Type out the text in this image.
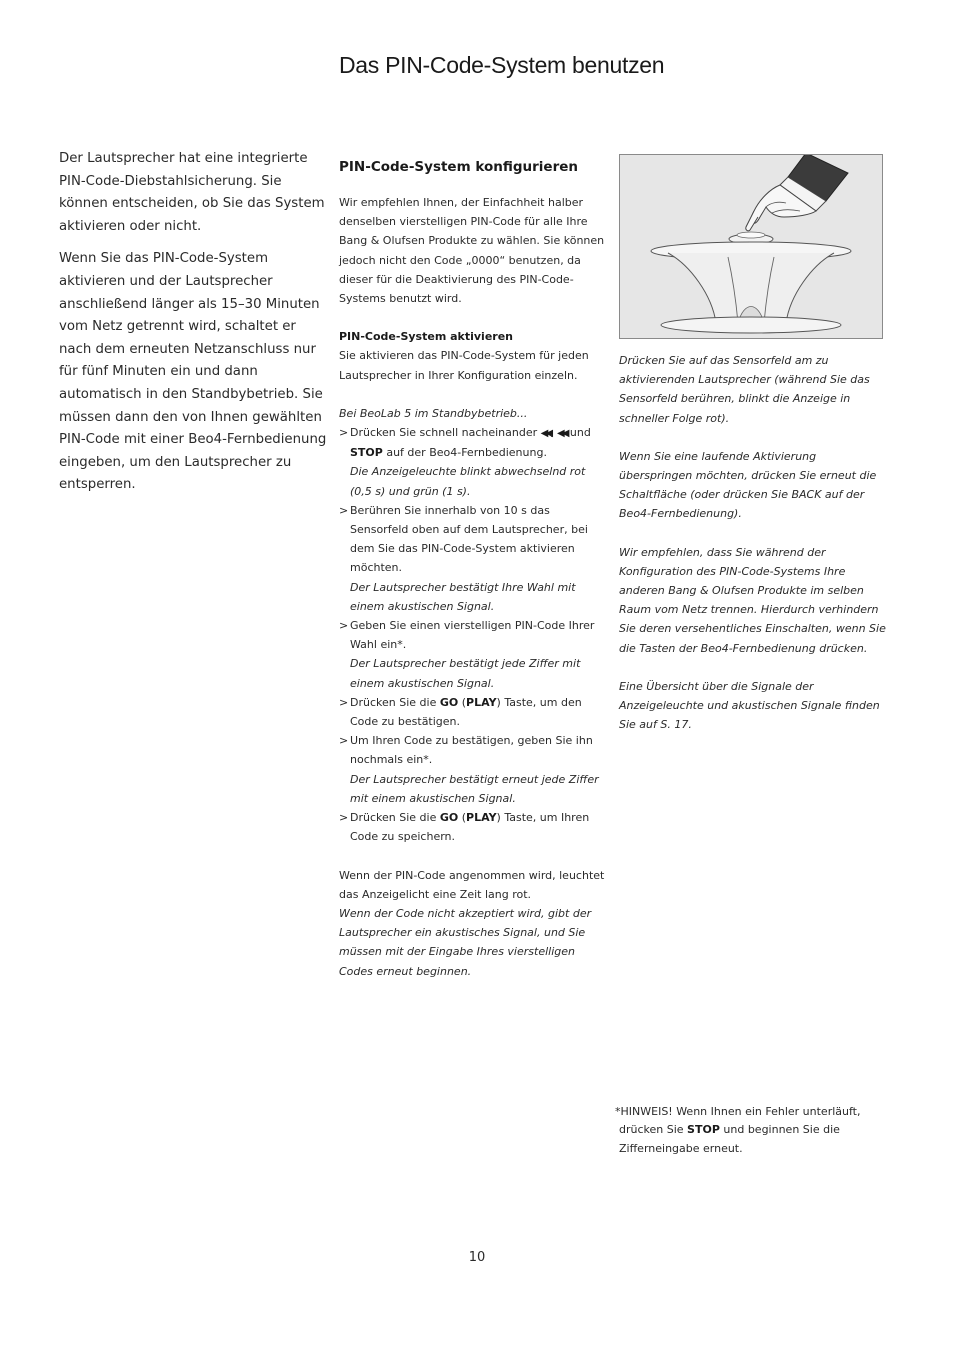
Das PIN-Code-System benutzen

Der Lautsprecher hat eine integrierte PIN-Code-Diebstahlsicherung. Sie können entscheiden, ob Sie das System aktivieren oder nicht.

Wenn Sie das PIN-Code-System aktivieren und der Lautsprecher anschließend länger als 15–30 Minuten vom Netz getrennt wird, schaltet er nach dem erneuten Netzanschluss nur für fünf Minuten ein und dann automatisch in den Standbybetrieb. Sie müssen dann den von Ihnen gewählten PIN-Code mit einer Beo4-Fernbedienung eingeben, um den Lautsprecher zu entsperren.

PIN-Code-System konfigurieren

Wir empfehlen Ihnen, der Einfachheit halber denselben vierstelligen PIN-Code für alle Ihre Bang & Olufsen Produkte zu wählen. Sie können jedoch nicht den Code „0000“ benutzen, da dieser für die Deaktivierung des PIN-Code-Systems benutzt wird.

PIN-Code-System aktivieren

Sie aktivieren das PIN-Code-System für jeden Lautsprecher in Ihrer Konfiguration einzeln.

Bei BeoLab 5 im Standbybetrieb...

> Drücken Sie schnell nacheinander ◀◀, ◀◀ und STOP auf der Beo4-Fernbedienung.
Die Anzeigeleuchte blinkt abwechselnd rot (0,5 s) und grün (1 s).
> Berühren Sie innerhalb von 10 s das Sensorfeld oben auf dem Lautsprecher, bei dem Sie das PIN-Code-System aktivieren möchten.
Der Lautsprecher bestätigt Ihre Wahl mit einem akustischen Signal.
> Geben Sie einen vierstelligen PIN-Code Ihrer Wahl ein*.
Der Lautsprecher bestätigt jede Ziffer mit einem akustischen Signal.
> Drücken Sie die GO (PLAY) Taste, um den Code zu bestätigen.
> Um Ihren Code zu bestätigen, geben Sie ihn nochmals ein*.
Der Lautsprecher bestätigt erneut jede Ziffer mit einem akustischen Signal.
> Drücken Sie die GO (PLAY) Taste, um Ihren Code zu speichern.

Wenn der PIN-Code angenommen wird, leuchtet das Anzeigelicht eine Zeit lang rot.

Wenn der Code nicht akzeptiert wird, gibt der Lautsprecher ein akustisches Signal, und Sie müssen mit der Eingabe Ihres vierstelligen Codes erneut beginnen.

Drücken Sie auf das Sensorfeld am zu aktivierenden Lautsprecher (während Sie das Sensorfeld berühren, blinkt die Anzeige in schneller Folge rot).

Wenn Sie eine laufende Aktivierung überspringen möchten, drücken Sie erneut die Schaltfläche (oder drücken Sie BACK auf der Beo4-Fernbedienung).

Wir empfehlen, dass Sie während der Konfiguration des PIN-Code-Systems Ihre anderen Bang & Olufsen Produkte im selben Raum vom Netz trennen. Hierdurch verhindern Sie deren versehentliches Einschalten, wenn Sie die Tasten der Beo4-Fernbedienung drücken.

Eine Übersicht über die Signale der Anzeigeleuchte und akustischen Signale finden Sie auf S. 17.

*HINWEIS! Wenn Ihnen ein Fehler unterläuft,

drücken Sie STOP und beginnen Sie die Zifferneingabe erneut.

10
